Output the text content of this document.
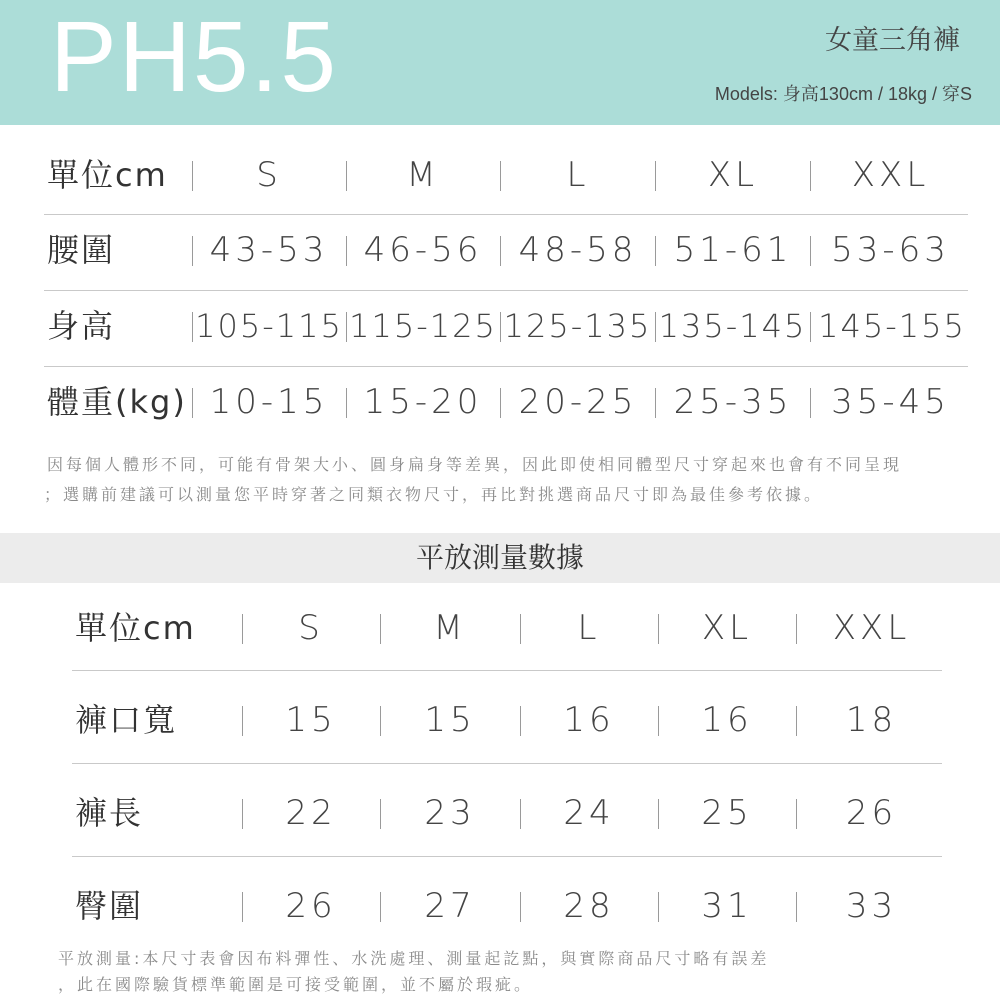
PH5.5	女童三角褲
Models: 身高130cm / 18kg / 穿S
單位cm	S	M	L	XL	XXL
腰圍	43-53	46-56	48-58	51-61	53-63
身高	105-115 115-125 125-135 135-145 145-155
體重(kg) 10-15	15-20	20-25	25-35	35-45
因每個人體形不同，可能有骨架大小、圓身扁身等差異，因此即使相同體型尺寸穿起來也會有不同呈現
；選購前建議可以測量您平時穿著之同類衣物尺寸，再比對挑選商品尺寸即為最佳參考依據。
平放測量數據
單位cm	S	M	L	XL	XXL
褲口寬	15	15	16	16	18
褲長	22	23	24	25	26
臀圍	26	27	28	31	33
平放測量:本尺寸表會因布料彈性、水洗處理、測量起訖點，與實際商品尺寸略有誤差
，此在國際驗貨標準範圍是可接受範圍，並不屬於瑕疵。
